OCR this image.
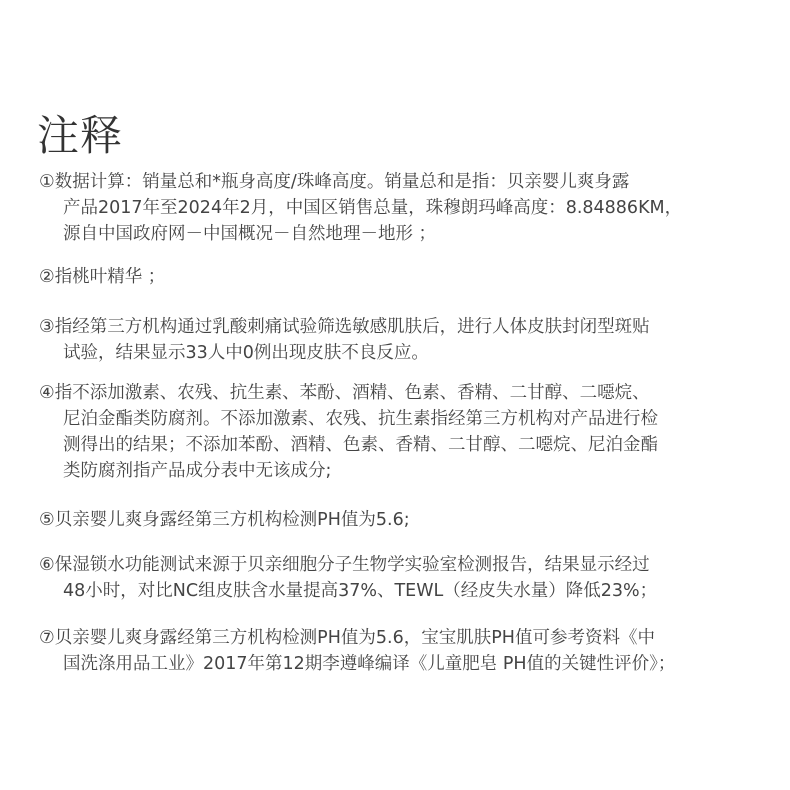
注释

①数据计算：销量总和*瓶身高度/珠峰高度。销量总和是指：贝亲婴儿爽身露
产品2017年至2024年2月，中国区销售总量，珠穆朗玛峰高度：8.84886KM，
源自中国政府网－中国概况－自然地理－地形 ；

②指桃叶精华 ；

③指经第三方机构通过乳酸刺痛试验筛选敏感肌肤后，进行人体皮肤封闭型斑贴
试验，结果显示33人中0例出现皮肤不良反应。

④指不添加激素、农残、抗生素、苯酚、酒精、色素、香精、二甘醇、二噁烷、
尼泊金酯类防腐剂。不添加激素、农残、抗生素指经第三方机构对产品进行检
测得出的结果；不添加苯酚、酒精、色素、香精、二甘醇、二噁烷、尼泊金酯
类防腐剂指产品成分表中无该成分;

⑤贝亲婴儿爽身露经第三方机构检测PH值为5.6;

⑥保湿锁水功能测试来源于贝亲细胞分子生物学实验室检测报告，结果显示经过
48小时，对比NC组皮肤含水量提高37%、TEWL（经皮失水量）降低23%；

⑦贝亲婴儿爽身露经第三方机构检测PH值为5.6，宝宝肌肤PH值可参考资料《中
国洗涤用品工业》2017年第12期李遵峰编译《儿童肥皂 PH值的关键性评价》；
